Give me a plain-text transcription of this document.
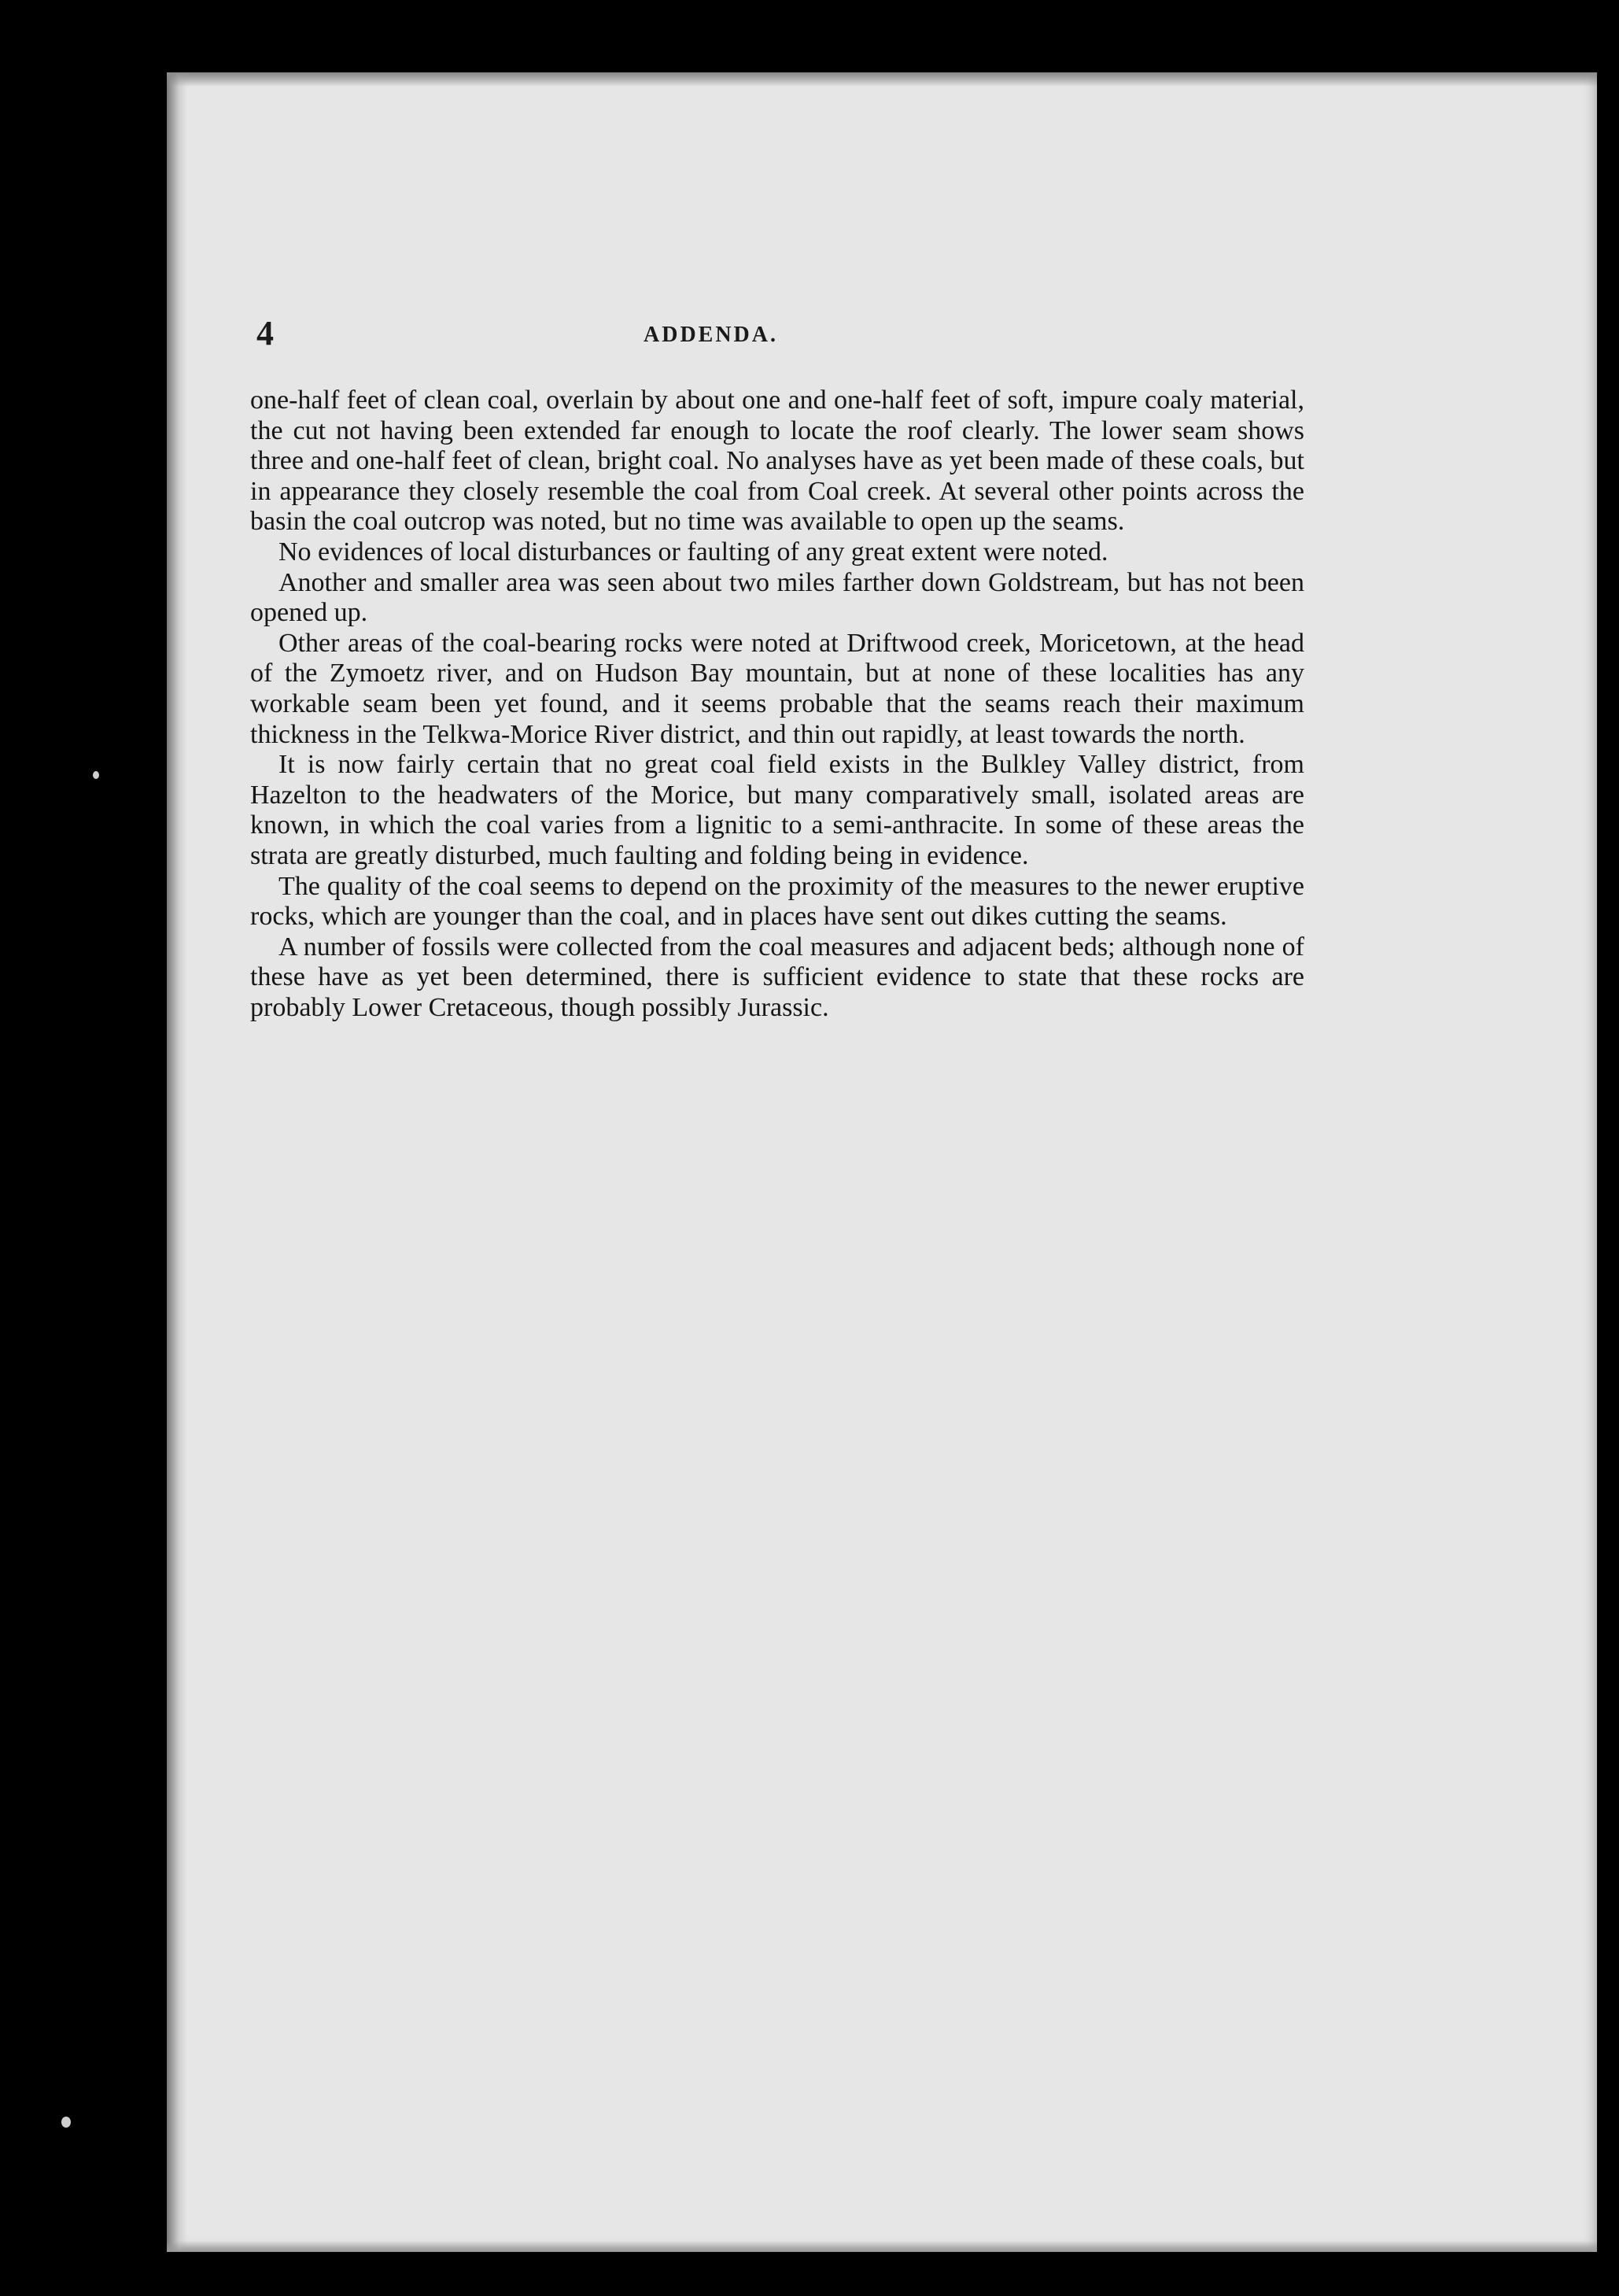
4	ADDENDA.

one-half feet of clean coal, overlain by about one and one-half feet of soft, impure coaly material, the cut not having been extended far enough to locate the roof clearly. The lower seam shows three and one-half feet of clean, bright coal. No analyses have as yet been made of these coals, but in appearance they closely resemble the coal from Coal creek. At several other points across the basin the coal outcrop was noted, but no time was available to open up the seams.

No evidences of local disturbances or faulting of any great extent were noted.

Another and smaller area was seen about two miles farther down Goldstream, but has not been opened up.

Other areas of the coal-bearing rocks were noted at Driftwood creek, Moricetown, at the head of the Zymoetz river, and on Hudson Bay mountain, but at none of these localities has any workable seam been yet found, and it seems probable that the seams reach their maximum thickness in the Telkwa-Morice River district, and thin out rapidly, at least towards the north.

It is now fairly certain that no great coal field exists in the Bulkley Valley district, from Hazelton to the headwaters of the Morice, but many comparatively small, isolated areas are known, in which the coal varies from a lignitic to a semi-anthracite. In some of these areas the strata are greatly disturbed, much faulting and folding being in evidence.

The quality of the coal seems to depend on the proximity of the measures to the newer eruptive rocks, which are younger than the coal, and in places have sent out dikes cutting the seams.

A number of fossils were collected from the coal measures and adjacent beds; although none of these have as yet been determined, there is sufficient evidence to state that these rocks are probably Lower Cretaceous, though possibly Jurassic.
